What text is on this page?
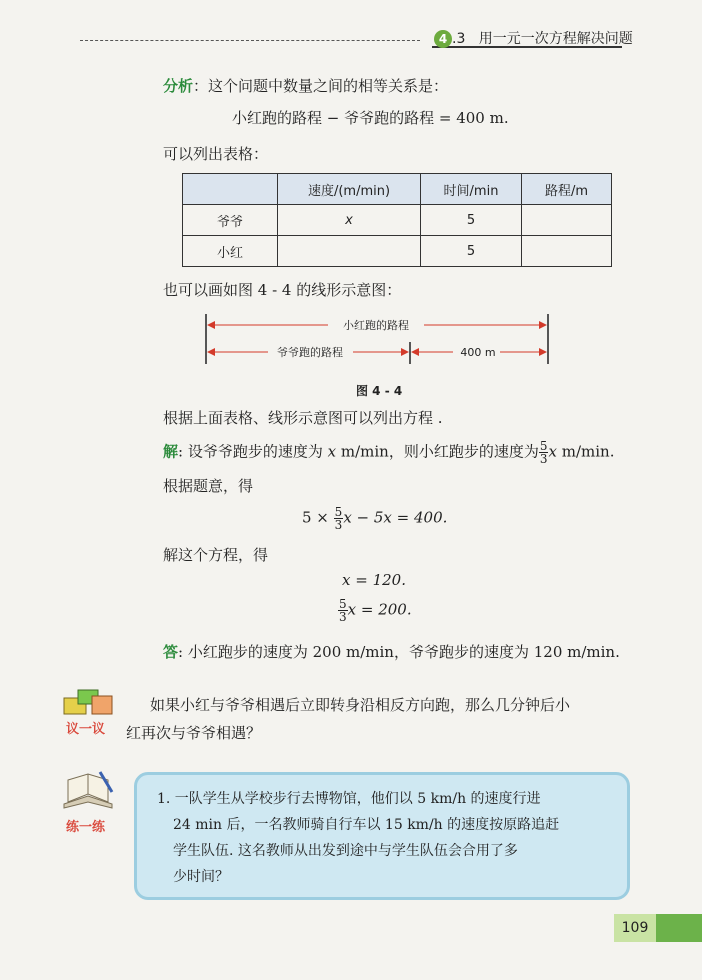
4 .3 用一元一次方程解决问题
分析：这个问题中数量之间的相等关系是：
小红跑的路程 − 爷爷跑的路程 = 400 m.
可以列出表格：
	速度/(m/min)	时间/min	路程/m
爷爷	x	5	
小红		5	
也可以画如图 4 - 4 的线形示意图：
小红跑的路程
爷爷跑的路程	400 m
图 4 - 4
根据上面表格、线形示意图可以列出方程 .
解: 设爷爷跑步的速度为 x m/min，则小红跑步的速度为 $\frac{5}{3}$ x m/min.
根据题意，得
$5 \times \frac{5}{3}$ x − 5x = 400.
解这个方程，得
x = 120.
$\frac{5}{3}$ x = 200.
答: 小红跑步的速度为 200 m/min，爷爷跑步的速度为 120 m/min.
议一议
如果小红与爷爷相遇后立即转身沿相反方向跑，那么几分钟后小
红再次与爷爷相遇？
练一练
1. 一队学生从学校步行去博物馆，他们以 5 km/h 的速度行进
24 min 后，一名教师骑自行车以 15 km/h 的速度按原路追赶
学生队伍. 这名教师从出发到途中与学生队伍会合用了多
少时间？
109
